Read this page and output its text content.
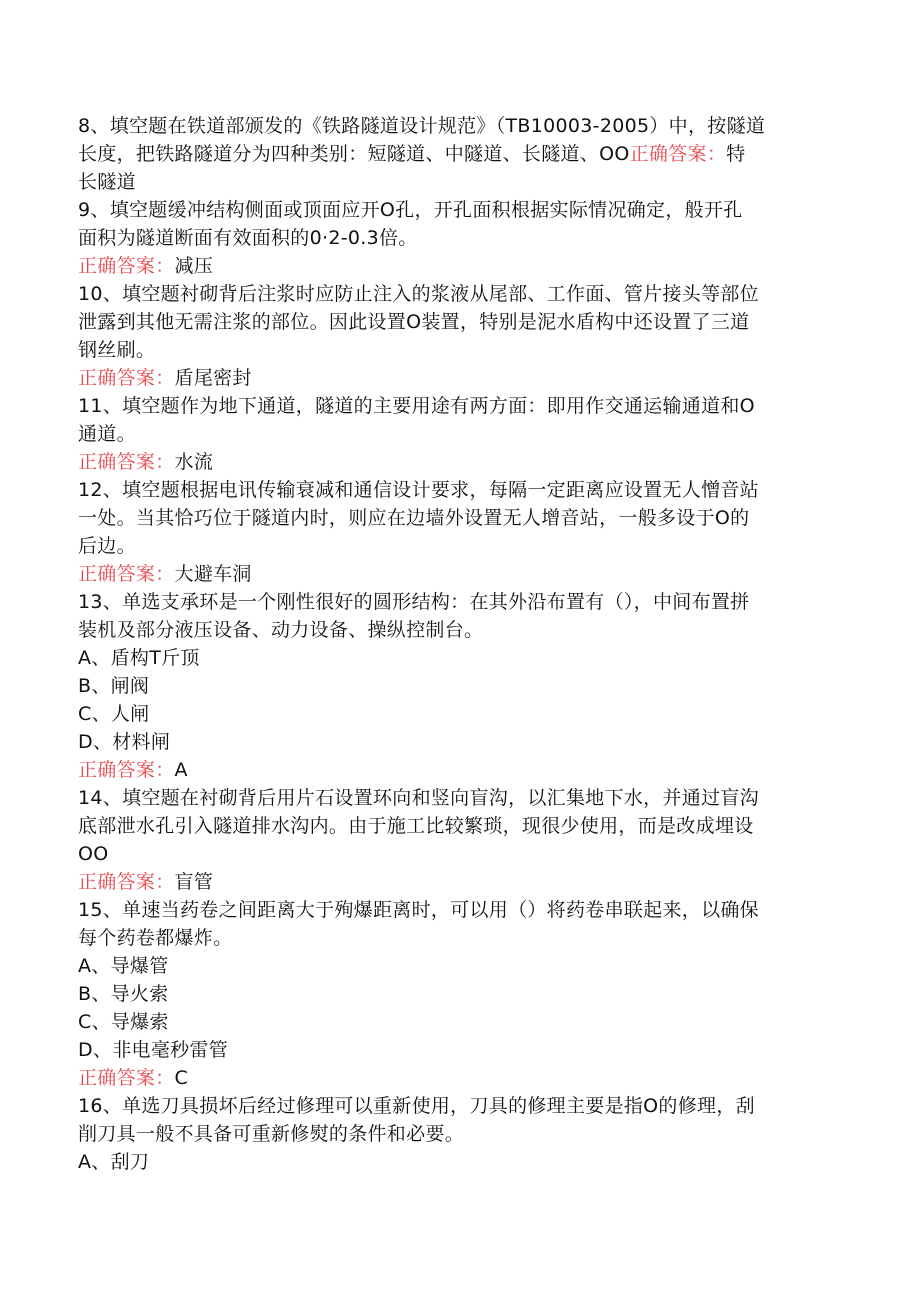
8、填空题在铁道部颁发的《铁路隧道设计规范》（TB10003-2005）中，按隧道
长度，把铁路隧道分为四种类别：短隧道、中隧道、长隧道、OO正确答案：特
长隧道
9、填空题缓冲结构侧面或顶面应开O孔，开孔面积根据实际情况确定，般开孔
面积为隧道断面有效面积的0·2-0.3倍。
正确答案：减压
10、填空题衬砌背后注浆时应防止注入的浆液从尾部、工作面、管片接头等部位
泄露到其他无需注浆的部位。因此设置O装置，特别是泥水盾构中还设置了三道
钢丝刷。
正确答案：盾尾密封
11、填空题作为地下通道，隧道的主要用途有两方面：即用作交通运输通道和O
通道。
正确答案：水流
12、填空题根据电讯传输衰减和通信设计要求，每隔一定距离应设置无人憎音站
一处。当其恰巧位于隧道内时，则应在边墙外设置无人增音站，一般多设于O的
后边。
正确答案：大避车洞
13、单选支承环是一个刚性很好的圆形结构：在其外沿布置有（），中间布置拼
装机及部分液压设备、动力设备、操纵控制台。
A、盾构T斤顶
B、闸阀
C、人闸
D、材料闸
正确答案：A
14、填空题在衬砌背后用片石设置环向和竖向盲沟，以汇集地下水，并通过盲沟
底部泄水孔引入隧道排水沟内。由于施工比较繁琐，现很少使用，而是改成埋设
OO
正确答案：盲管
15、单速当药卷之间距离大于殉爆距离时，可以用（）将药卷串联起来，以确保
每个药卷都爆炸。
A、导爆管
B、导火索
C、导爆索
D、非电毫秒雷管
正确答案：C
16、单选刀具损坏后经过修理可以重新使用，刀具的修理主要是指O的修理，刮
削刀具一般不具备可重新修熨的条件和必要。
A、刮刀
